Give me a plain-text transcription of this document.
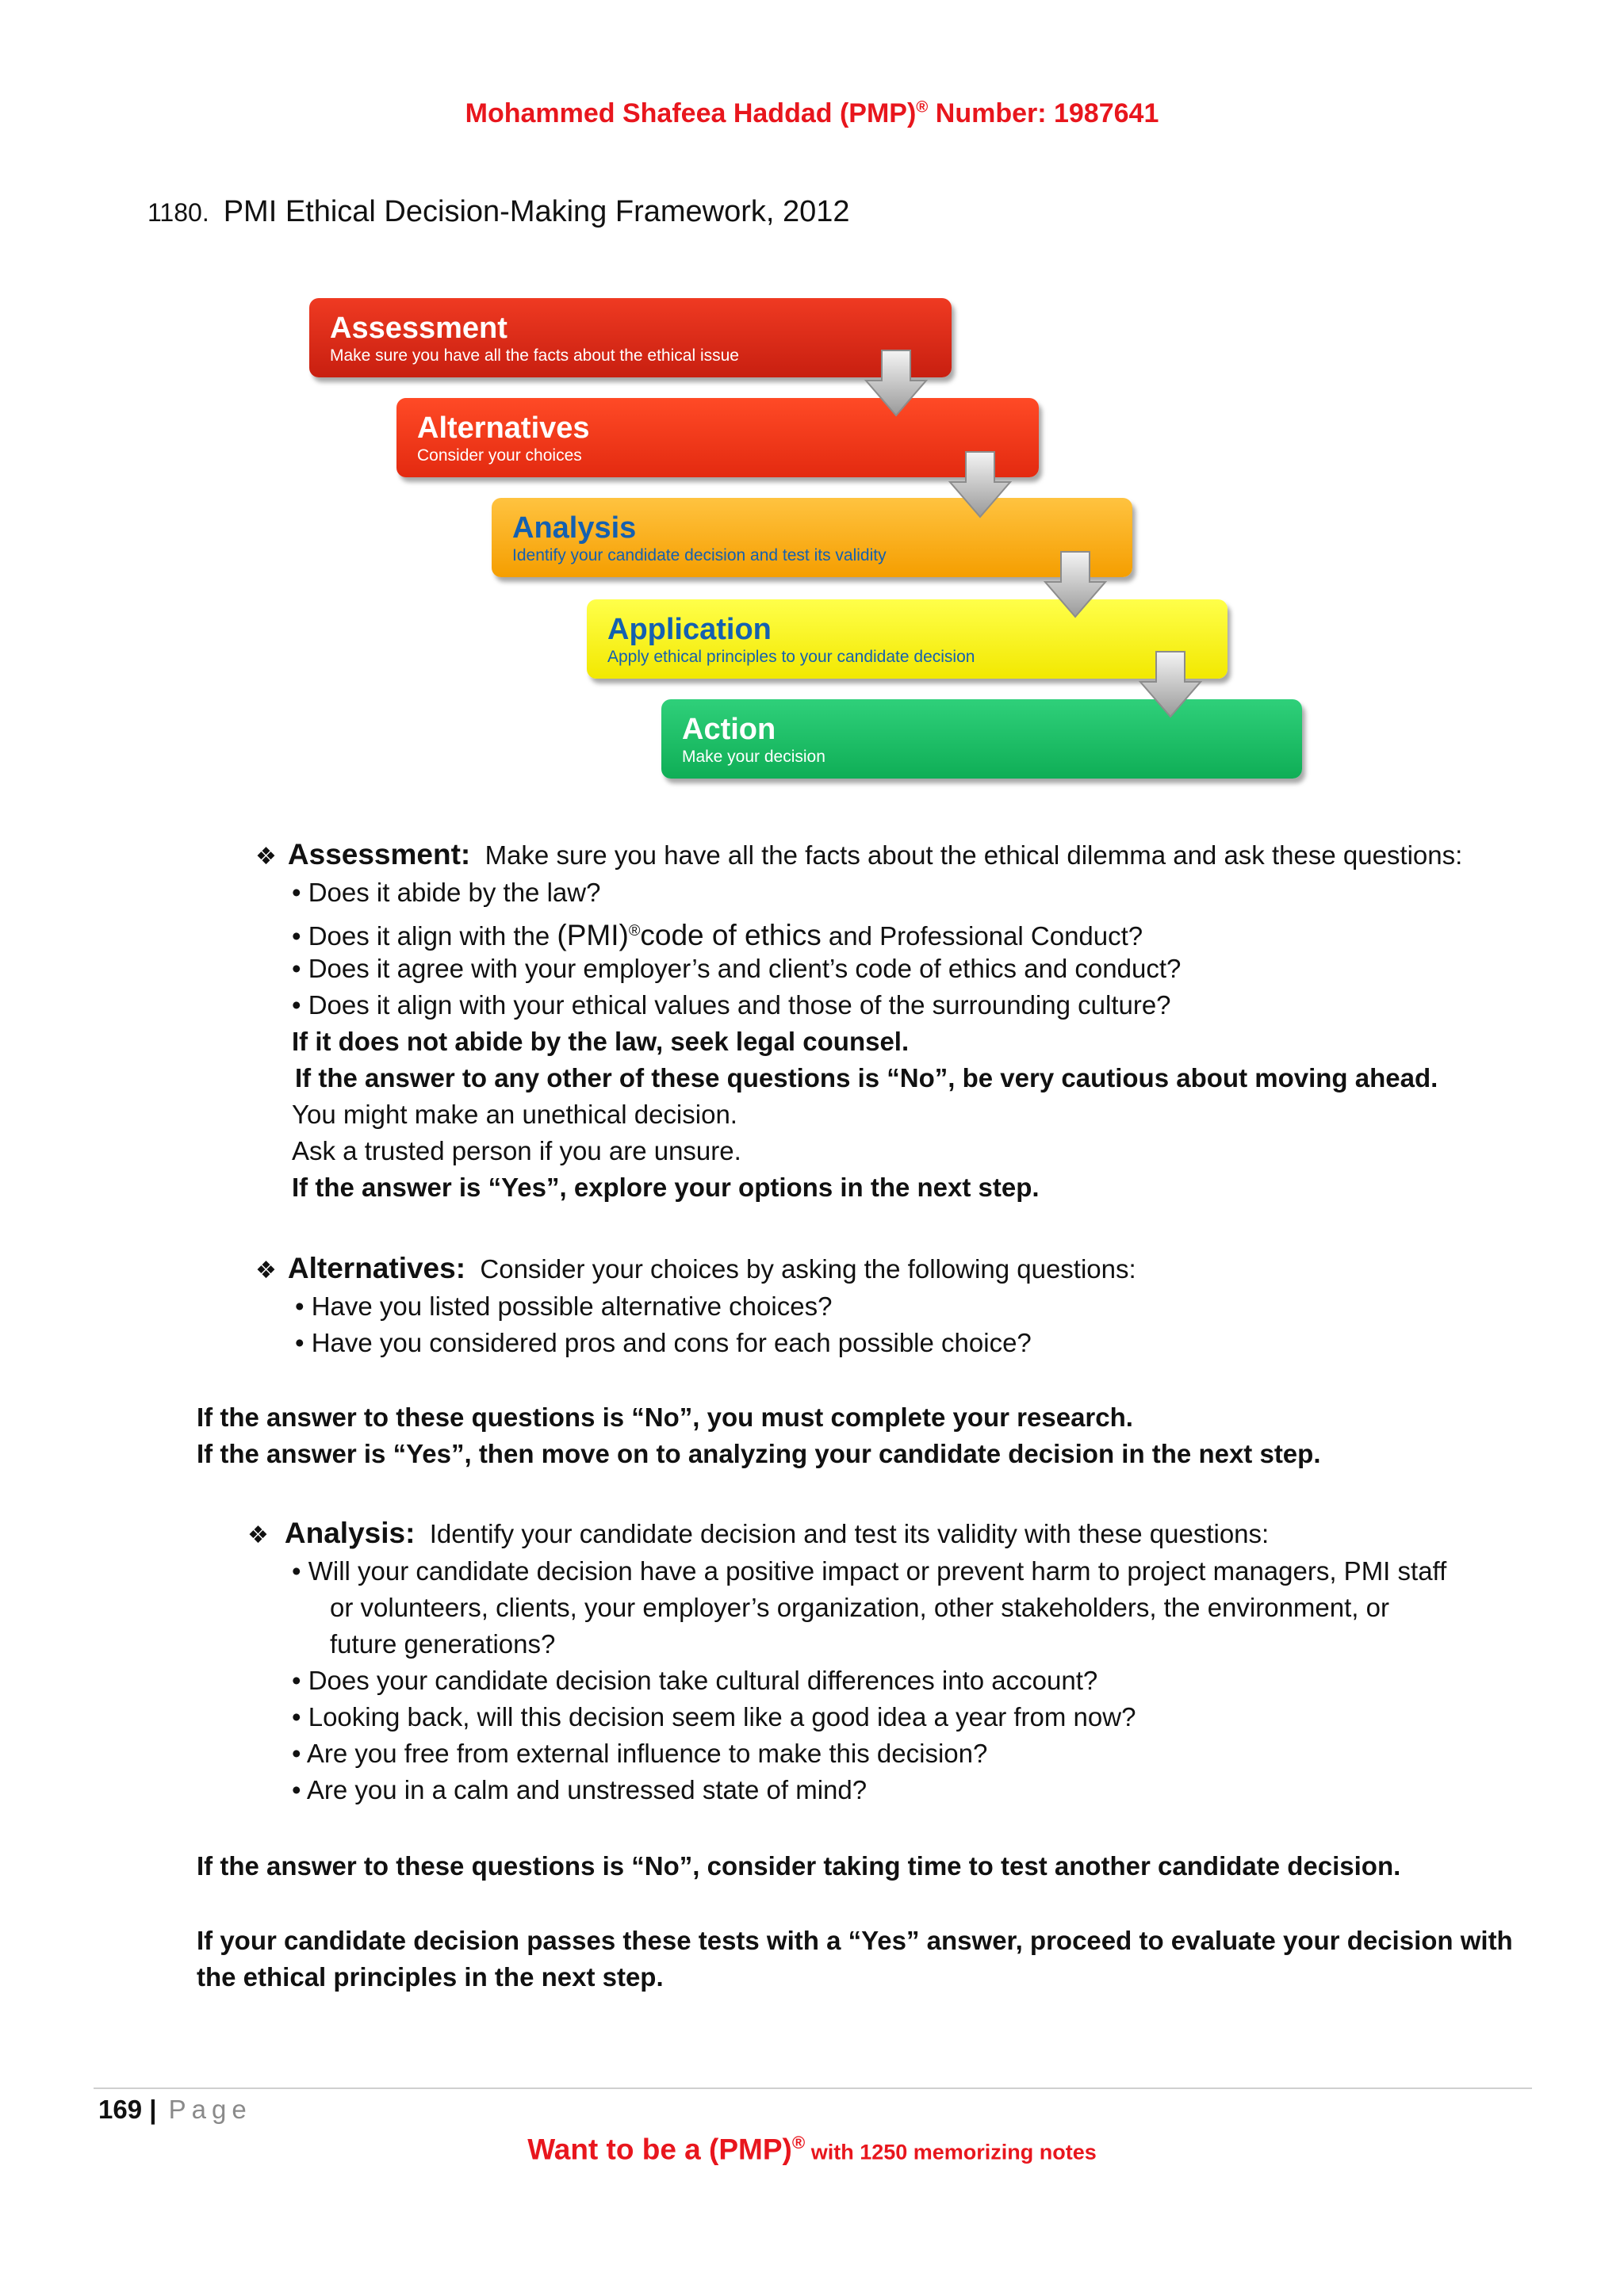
Mohammed Shafeea Haddad (PMP)® Number: 1987641
1180. PMI Ethical Decision-Making Framework, 2012
Assessment
Make sure you have all the facts about the ethical issue
Alternatives
Consider your choices
Analysis
Identify your candidate decision and test its validity
Application
Apply ethical principles to your candidate decision
Action
Make your decision
❖ Assessment: Make sure you have all the facts about the ethical dilemma and ask these questions:
• Does it abide by the law?
• Does it align with the (PMI)®code of ethics and Professional Conduct?
• Does it agree with your employer’s and client’s code of ethics and conduct?
• Does it align with your ethical values and those of the surrounding culture?
If it does not abide by the law, seek legal counsel.
If the answer to any other of these questions is “No”, be very cautious about moving ahead.
You might make an unethical decision.
Ask a trusted person if you are unsure.
If the answer is “Yes”, explore your options in the next step.
❖ Alternatives: Consider your choices by asking the following questions:
• Have you listed possible alternative choices?
• Have you considered pros and cons for each possible choice?
If the answer to these questions is “No”, you must complete your research.
If the answer is “Yes”, then move on to analyzing your candidate decision in the next step.
❖ Analysis: Identify your candidate decision and test its validity with these questions:
• Will your candidate decision have a positive impact or prevent harm to project managers, PMI staff
or volunteers, clients, your employer’s organization, other stakeholders, the environment, or
future generations?
• Does your candidate decision take cultural differences into account?
• Looking back, will this decision seem like a good idea a year from now?
• Are you free from external influence to make this decision?
• Are you in a calm and unstressed state of mind?
If the answer to these questions is “No”, consider taking time to test another candidate decision.
If your candidate decision passes these tests with a “Yes” answer, proceed to evaluate your decision with
the ethical principles in the next step.
169 | Page
Want to be a (PMP)® with 1250 memorizing notes
